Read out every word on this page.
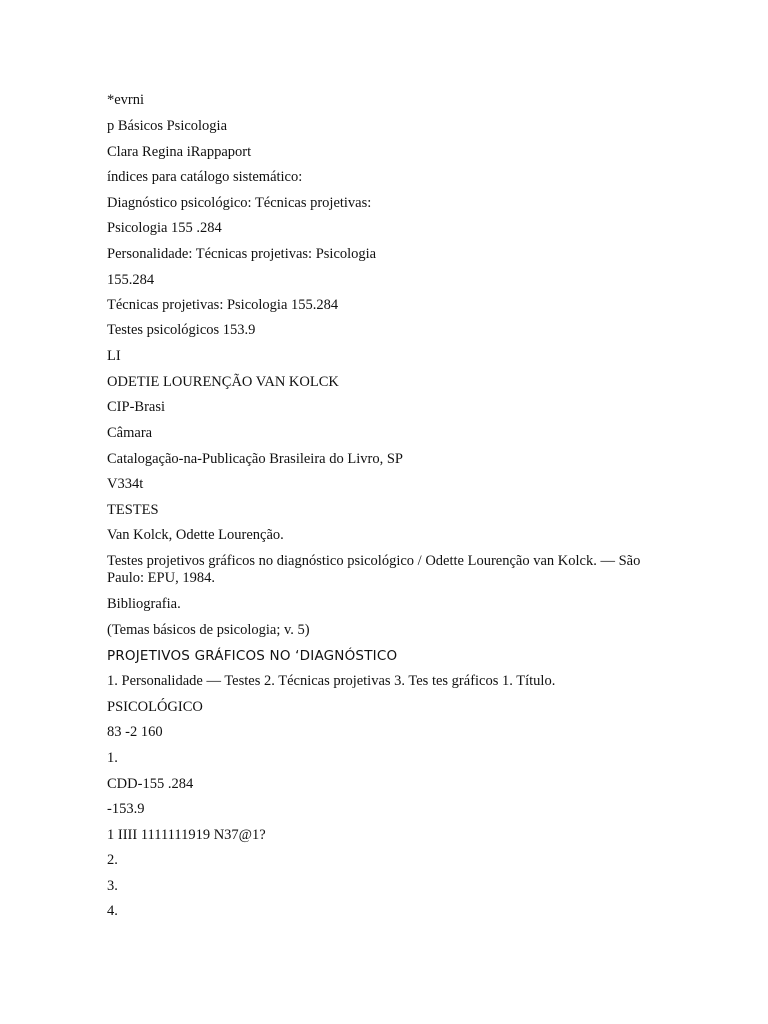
*evrni
p Básicos Psicologia
Clara Regina iRappaport
índices para catálogo sistemático:
Diagnóstico psicológico: Técnicas projetivas:
Psicologia 155 .284
Personalidade: Técnicas projetivas: Psicologia
155.284
Técnicas projetivas: Psicologia 155.284
Testes psicológicos 153.9
LI
ODETIE LOURENÇÃO VAN KOLCK
CIP-Brasi
Câmara
Catalogação-na-Publicação Brasileira do Livro, SP
V334t
TESTES
Van Kolck, Odette Lourenção.
Testes projetivos gráficos no diagnóstico psicológico / Odette Lourenção van Kolck. — São Paulo: EPU, 1984.
Bibliografia.
(Temas básicos de psicologia; v. 5)
PROJETIVOS GRÁFICOS NO ‘DIAGNÓSTICO
1. Personalidade — Testes 2. Técnicas projetivas 3. Tes tes gráficos 1. Título.
PSICOLÓGICO
83 -2 160
1.
CDD-155 .284
-153.9
1 IIII 1111111919 N37@1?
2.
3.
4.
